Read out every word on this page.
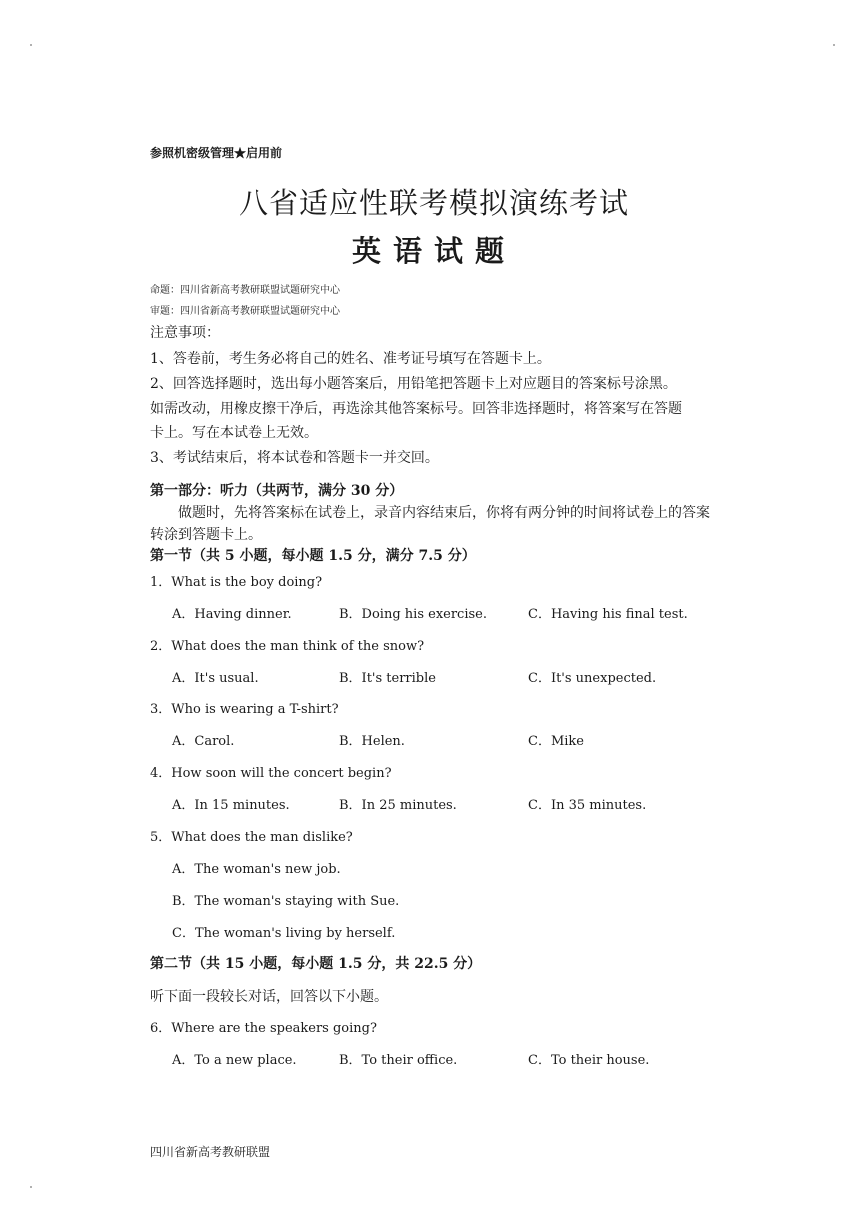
参照机密级管理★启用前
八省适应性联考模拟演练考试
英语试题
命题：四川省新高考教研联盟试题研究中心
审题：四川省新高考教研联盟试题研究中心
注意事项：
1、答卷前，考生务必将自己的姓名、准考证号填写在答题卡上。
2、回答选择题时，选出每小题答案后，用铅笔把答题卡上对应题目的答案标号涂黑。
如需改动，用橡皮擦干净后，再选涂其他答案标号。回答非选择题时，将答案写在答题
卡上。写在本试卷上无效。
3、考试结束后，将本试卷和答题卡一并交回。
第一部分：听力（共两节，满分 30 分）
做题时，先将答案标在试卷上，录音内容结束后，你将有两分钟的时间将试卷上的答案
转涂到答题卡上。
第一节（共 5 小题，每小题 1.5 分，满分 7.5 分）
1．What is the boy doing?
A．Having dinner.	B．Doing his exercise.	C．Having his final test.
2．What does the man think of the snow?
A．It's usual.	B．It's terrible	C．It's unexpected.
3．Who is wearing a T-shirt?
A．Carol.	B．Helen.	C．Mike
4．How soon will the concert begin?
A．In 15 minutes.	B．In 25 minutes.	C．In 35 minutes.
5．What does the man dislike?
A．The woman's new job.
B．The woman's staying with Sue.
C．The woman's living by herself.
第二节（共 15 小题，每小题 1.5 分，共 22.5 分）
听下面一段较长对话，回答以下小题。
6．Where are the speakers going?
A．To a new place.	B．To their office.	C．To their house.
四川省新高考教研联盟
